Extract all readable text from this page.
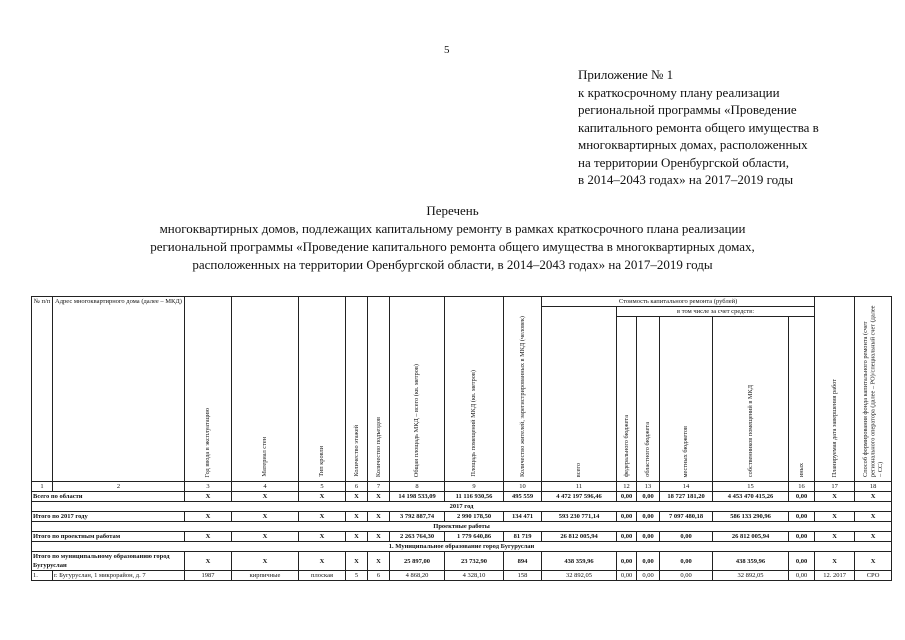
5
Приложение № 1
к краткосрочному плану реализации
региональной программы «Проведение
капитального ремонта общего имущества в
многоквартирных домах, расположенных
на территории Оренбургской области,
в 2014–2043 годах» на 2017–2019 годы
Перечень
многоквартирных домов, подлежащих капитальному ремонту в рамках краткосрочного плана реализации
региональной программы «Проведение капитального ремонта общего имущества в многоквартирных домах,
расположенных на территории Оренбургской области, в 2014–2043 годах» на 2017–2019 годы
№ п/п	Адрес многоквартирного дома (далее – МКД)	Год ввода в эксплуатацию	Материал стен	Тип кровли	Количество этажей	Количество подъездов	Общая площадь МКД – всего (кв. метров)	Площадь помещений МКД (кв. метров)	Количество жителей, зарегистрированных в МКД (человек)	Стоимость капитального ремонта (рублей)						Планируемая дата завершения работ	Способ формирования фонда капитального ремонта (счет регионального оператора (далее – РО)/специальный счет (далее – СС)
										всего	в том числе за счет средств:						
											федерального бюджета	областного бюджета	местных бюджетов	собственников помещений в МКД	иных		
1	2	3	4	5	6	7	8	9	10	11	12	13	14	15	16	17	18
Всего по области		Х	Х	Х	Х	Х	14 198 533,09	11 116 930,56	495 559	4 472 197 596,46	0,00	0,00	18 727 181,20	4 453 470 415,26	0,00	Х	Х
2017 год																	
Итого по 2017 году		Х	Х	Х	Х	Х	3 792 887,74	2 990 178,50	134 471	593 230 771,14	0,00	0,00	7 097 480,18	586 133 290,96	0,00	Х	Х
Проектные работы																	
Итого по проектным работам		Х	Х	Х	Х	Х	2 263 764,30	1 779 640,86	81 719	26 812 005,94	0,00	0,00	0,00	26 812 005,94	0,00	Х	Х
1. Муниципальное образование город Бугуруслан																	
Итого по муниципальному образованию город Бугуруслан		Х	Х	Х	Х	Х	25 897,00	23 732,90	894	438 359,96	0,00	0,00	0,00	438 359,96	0,00	Х	Х
1.	г. Бугуруслан, 1 микрорайон, д. 7	1987	кирпичные	плоская	5	6	4 868,20	4 328,10	158	32 892,05	0,00	0,00	0,00	32 892,05	0,00	12. 2017	СРО
